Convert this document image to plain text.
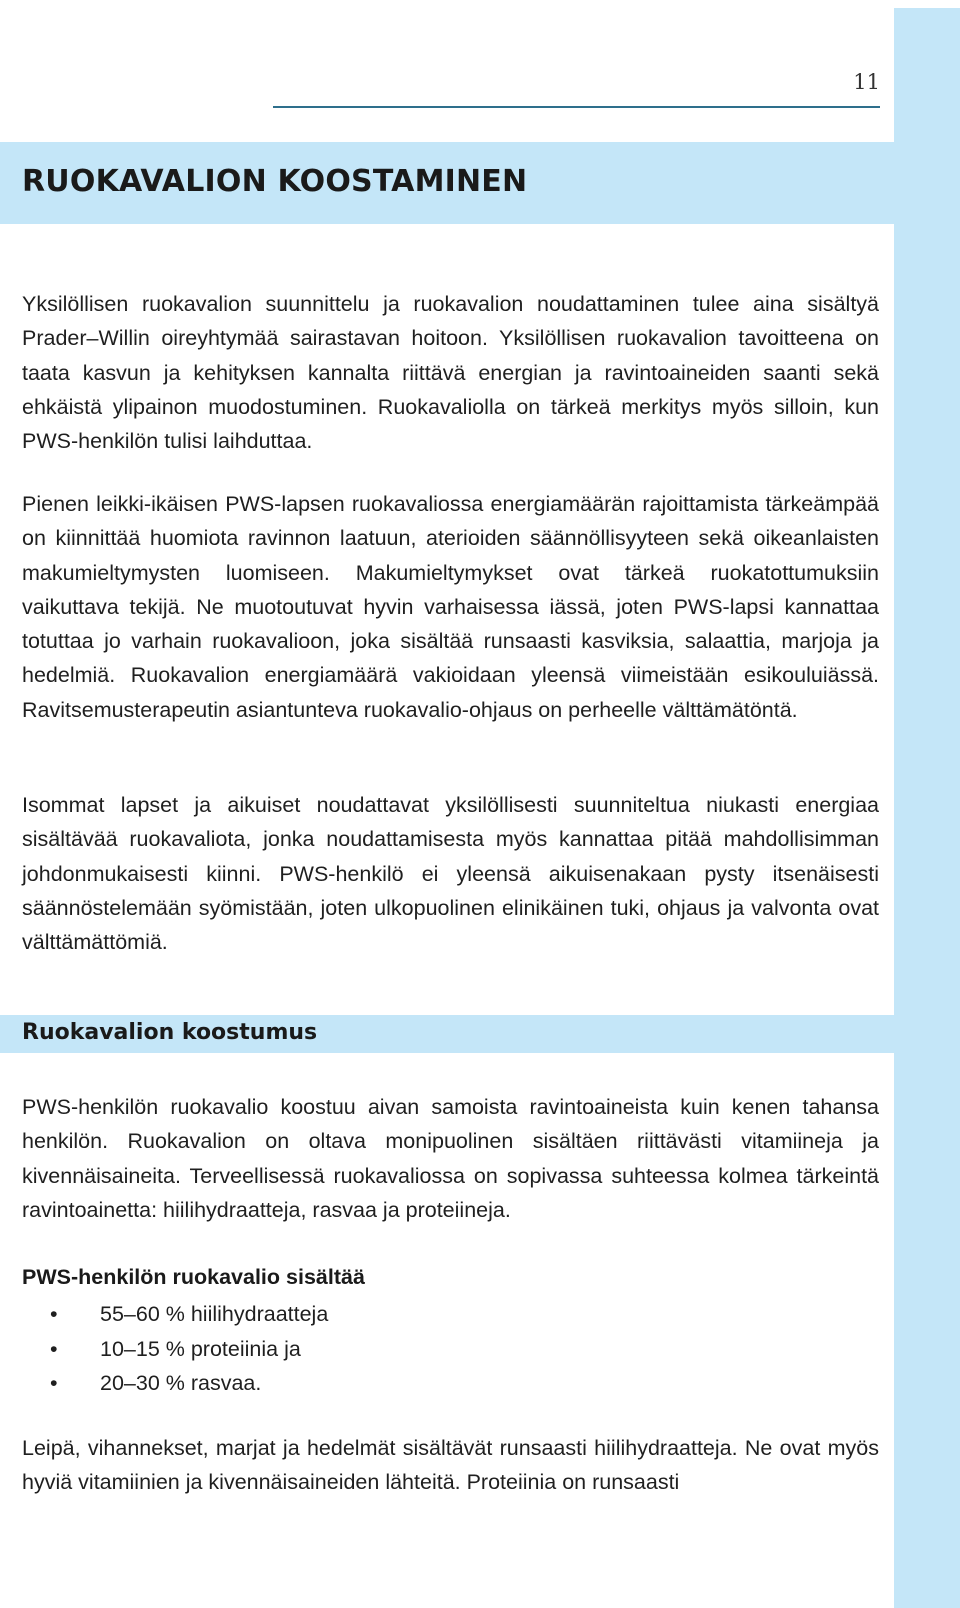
11
RUOKAVALION KOOSTAMINEN

Yksilöllisen ruokavalion suunnittelu ja ruokavalion noudattaminen tulee aina sisältyä Prader–Willin oireyhtymää sairastavan hoitoon. Yksilöllisen ruokavalion tavoitteena on taata kasvun ja kehityksen kannalta riittävä energian ja ravintoaineiden saanti sekä ehkäistä ylipainon muodostuminen. Ruokavaliolla on tärkeä merkitys myös silloin, kun PWS-henkilön tulisi laihduttaa.

Pienen leikki-ikäisen PWS-lapsen ruokavaliossa energiamäärän rajoittamista tärkeämpää on kiinnittää huomiota ravinnon laatuun, aterioiden säännöllisyyteen sekä oikeanlaisten makumieltymysten luomiseen. Makumieltymykset ovat tärkeä ruokatottumuksiin vaikuttava tekijä. Ne muotoutuvat hyvin varhaisessa iässä, joten PWS-lapsi kannattaa totuttaa jo varhain ruokavalioon, joka sisältää runsaasti kasviksia, salaattia, marjoja ja hedelmiä. Ruokavalion energiamäärä vakioidaan yleensä viimeistään esikouluiässä. Ravitsemusterapeutin asiantunteva ruokavalio-ohjaus on perheelle välttämätöntä.

Isommat lapset ja aikuiset noudattavat yksilöllisesti suunniteltua niukasti energiaa sisältävää ruokavaliota, jonka noudattamisesta myös kannattaa pitää mahdollisimman johdonmukaisesti kiinni. PWS-henkilö ei yleensä aikuisenakaan pysty itsenäisesti säännöstelemään syömistään, joten ulkopuolinen elinikäinen tuki, ohjaus ja valvonta ovat välttämättömiä.

Ruokavalion koostumus

PWS-henkilön ruokavalio koostuu aivan samoista ravintoaineista kuin kenen tahansa henkilön. Ruokavalion on oltava monipuolinen sisältäen riittävästi vitamiineja ja kivennäisaineita. Terveellisessä ruokavaliossa on sopivassa suhteessa kolmea tärkeintä ravintoainetta: hiilihydraatteja, rasvaa ja proteiineja.

PWS-henkilön ruokavalio sisältää

• 55–60 % hiilihydraatteja
• 10–15 % proteiinia ja
• 20–30 % rasvaa.

Leipä, vihannekset, marjat ja hedelmät sisältävät runsaasti hiilihydraatteja. Ne ovat myös hyviä vitamiinien ja kivennäisaineiden lähteitä. Proteiinia on runsaasti
